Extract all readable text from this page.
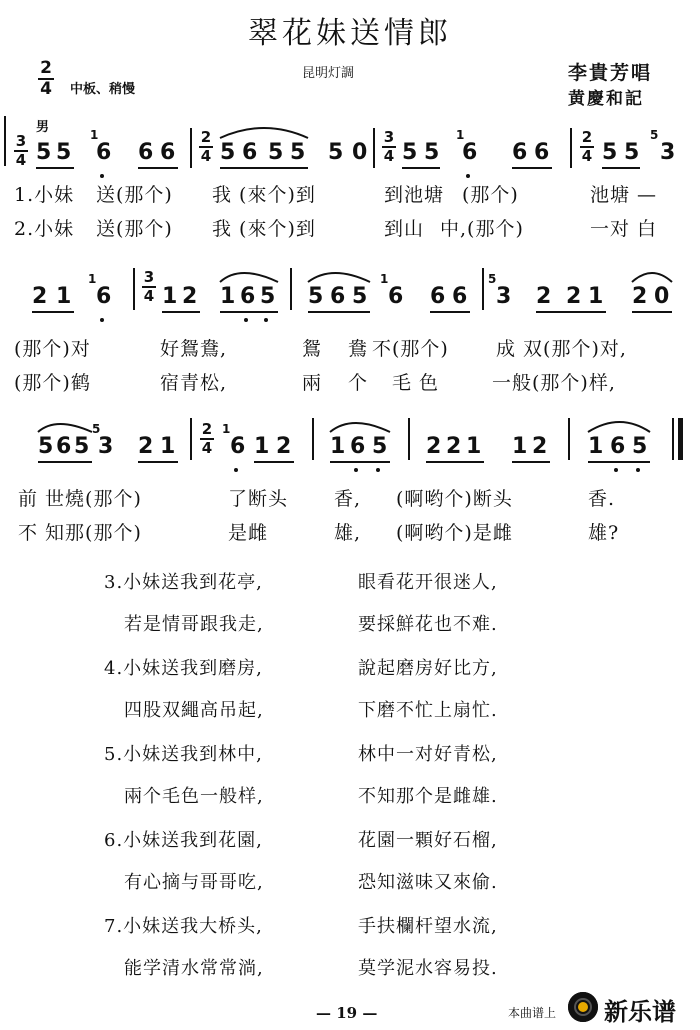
翠花妹送情郎
2
4 中板、稍慢
昆明灯調	李貴芳唱
黄慶和記
男
3
4
2
4
3
4
2
4
5 5
1
6 6 6 5 6 5 5 5 0 5 5
1
6 6 6 5 5
5
3
1.小妹 送(那个) 我 (來个)到	到池塘 (那个)	池塘 —
2.小妹 送(那个) 我 (來个)到	到山 中,(那个)	一对 白
3
4
2 1
1
6 1 2 1 6 5 5 6 5
1
6 6 6
5
3 2 2 1 2 0
(那个)对	好鴛鴦,	鴛 鴦 不(那个) 成 双(那个)对,
(那个)鹤	宿青松,	兩 个 毛 色	一般(那个)样,
2
4
5 6 5
5
3 2 1
1
6 1 2 1 6 5 2 2 1 1 2 1 6 5
前 世燒(那个)	了断头 香, (啊哟个)断头	香.
不 知那(那个)	是雌	雄, (啊哟个)是雌	雄?
3.小妹送我到花亭,	眼看花开很迷人,
若是情哥跟我走,	要採鮮花也不难.
4.小妹送我到磨房,	說起磨房好比方,
四股双繩高吊起,	下磨不忙上扇忙.
5.小妹送我到林中,	林中一对好青松,
兩个毛色一般样,	不知那个是雌雄.
6.小妹送我到花園,	花園一顆好石榴,
有心摘与哥哥吃,	恐知滋味又來偷.
7.小妹送我大桥头,	手扶欄杆望水流,
能学清水常常淌,	莫学泥水容易投.
— 19 —	本曲谱上 新乐谱
